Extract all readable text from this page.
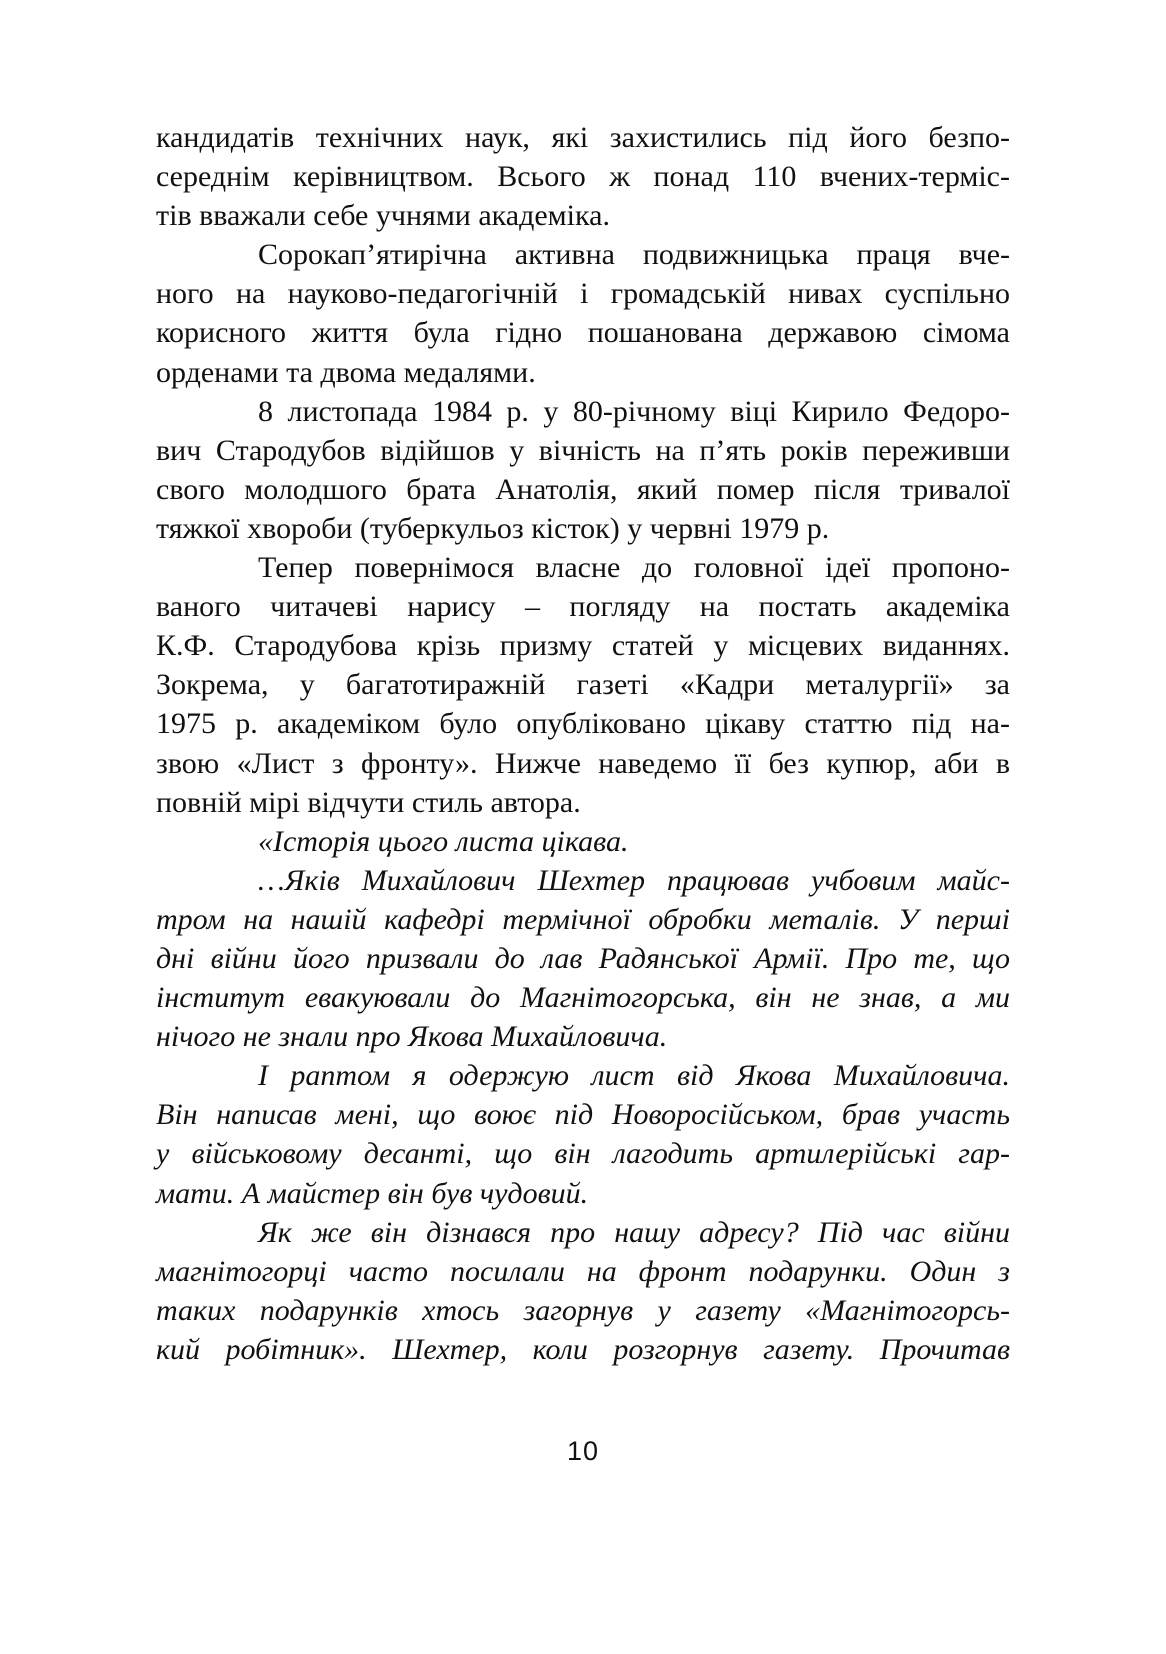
кандидатів технічних наук, які захистились під його безпо-
середнім керівництвом. Всього ж понад 110 вчених-терміс-
тів вважали себе учнями академіка.
Сорокап’ятирічна активна подвижницька праця вче-
ного на науково-педагогічній і громадській нивах суспільно
корисного життя була гідно пошанована державою сімома
орденами та двома медалями.
8 листопада 1984 р. у 80-річному віці Кирило Федоро-
вич Стародубов відійшов у вічність на п’ять років переживши
свого молодшого брата Анатолія, який помер після тривалої
тяжкої хвороби (туберкульоз кісток) у червні 1979 р.
Тепер повернімося власне до головної ідеї пропоно-
ваного читачеві нарису – погляду на постать академіка
К.Ф. Стародубова крізь призму статей у місцевих виданнях.
Зокрема, у багатотиражній газеті «Кадри металургії» за
1975 р. академіком було опубліковано цікаву статтю під на-
звою «Лист з фронту». Нижче наведемо її без купюр, аби в
повній мірі відчути стиль автора.
«Історія цього листа цікава.
…Яків Михайлович Шехтер працював учбовим майс-
тром на нашій кафедрі термічної обробки металів. У перші
дні війни його призвали до лав Радянської Армії. Про те, що
інститут евакуювали до Магнітогорська, він не знав, а ми
нічого не знали про Якова Михайловича.
І раптом я одержую лист від Якова Михайловича.
Він написав мені, що воює під Новоросійськом, брав участь
у військовому десанті, що він лагодить артилерійські гар-
мати. А майстер він був чудовий.
Як же він дізнався про нашу адресу? Під час війни
магнітогорці часто посилали на фронт подарунки. Один з
таких подарунків хтось загорнув у газету «Магнітогорсь-
кий робітник». Шехтер, коли розгорнув газету. Прочитав
10
